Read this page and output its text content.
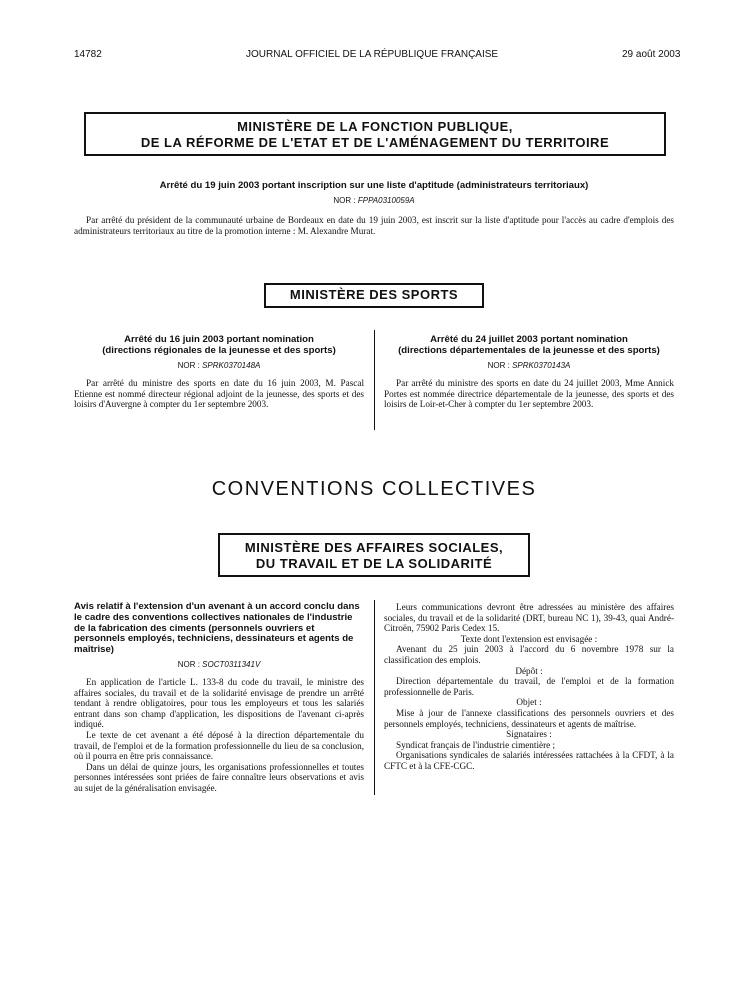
14782	JOURNAL OFFICIEL DE LA RÉPUBLIQUE FRANÇAISE	29 août 2003
MINISTÈRE DE LA FONCTION PUBLIQUE,
DE LA RÉFORME DE L'ETAT ET DE L'AMÉNAGEMENT DU TERRITOIRE
Arrêté du 19 juin 2003 portant inscription sur une liste d'aptitude (administrateurs territoriaux)
NOR : FPPA0310059A
Par arrêté du président de la communauté urbaine de Bordeaux en date du 19 juin 2003, est inscrit sur la liste d'aptitude pour l'accès au cadre d'emplois des administrateurs territoriaux au titre de la promotion interne : M. Alexandre Murat.
MINISTÈRE DES SPORTS
Arrêté du 16 juin 2003 portant nomination
(directions régionales de la jeunesse et des sports)
NOR : SPRK0370148A
Par arrêté du ministre des sports en date du 16 juin 2003, M. Pascal Etienne est nommé directeur régional adjoint de la jeunesse, des sports et des loisirs d'Auvergne à compter du 1er septembre 2003.
Arrêté du 24 juillet 2003 portant nomination
(directions départementales de la jeunesse et des sports)
NOR : SPRK0370143A
Par arrêté du ministre des sports en date du 24 juillet 2003, Mme Annick Portes est nommée directrice départementale de la jeunesse, des sports et des loisirs de Loir-et-Cher à compter du 1er septembre 2003.
CONVENTIONS COLLECTIVES
MINISTÈRE DES AFFAIRES SOCIALES,
DU TRAVAIL ET DE LA SOLIDARITÉ
Avis relatif à l'extension d'un avenant à un accord conclu dans le cadre des conventions collectives nationales de l'industrie de la fabrication des ciments (personnels ouvriers et personnels employés, techniciens, dessinateurs et agents de maîtrise)
NOR : SOCT0311341V

En application de l'article L. 133-8 du code du travail, le ministre des affaires sociales, du travail et de la solidarité envisage de prendre un arrêté tendant à rendre obligatoires, pour tous les employeurs et tous les salariés entrant dans son champ d'application, les dispositions de l'avenant ci-après indiqué.

Le texte de cet avenant a été déposé à la direction départementale du travail, de l'emploi et de la formation professionnelle du lieu de sa conclusion, où il pourra en être pris connaissance.

Dans un délai de quinze jours, les organisations professionnelles et toutes personnes intéressées sont priées de faire connaître leurs observations et avis au sujet de la généralisation envisagée.

Leurs communications devront être adressées au ministère des affaires sociales, du travail et de la solidarité (DRT, bureau NC 1), 39-43, quai André-Citroën, 75902 Paris Cedex 15.

Texte dont l'extension est envisagée :

Avenant du 25 juin 2003 à l'accord du 6 novembre 1978 sur la classification des emplois.

Dépôt :

Direction départementale du travail, de l'emploi et de la formation professionnelle de Paris.

Objet :

Mise à jour de l'annexe classifications des personnels ouvriers et des personnels employés, techniciens, dessinateurs et agents de maîtrise.

Signataires :

Syndicat français de l'industrie cimentière ;

Organisations syndicales de salariés intéressées rattachées à la CFDT, à la CFTC et à la CFE-CGC.
